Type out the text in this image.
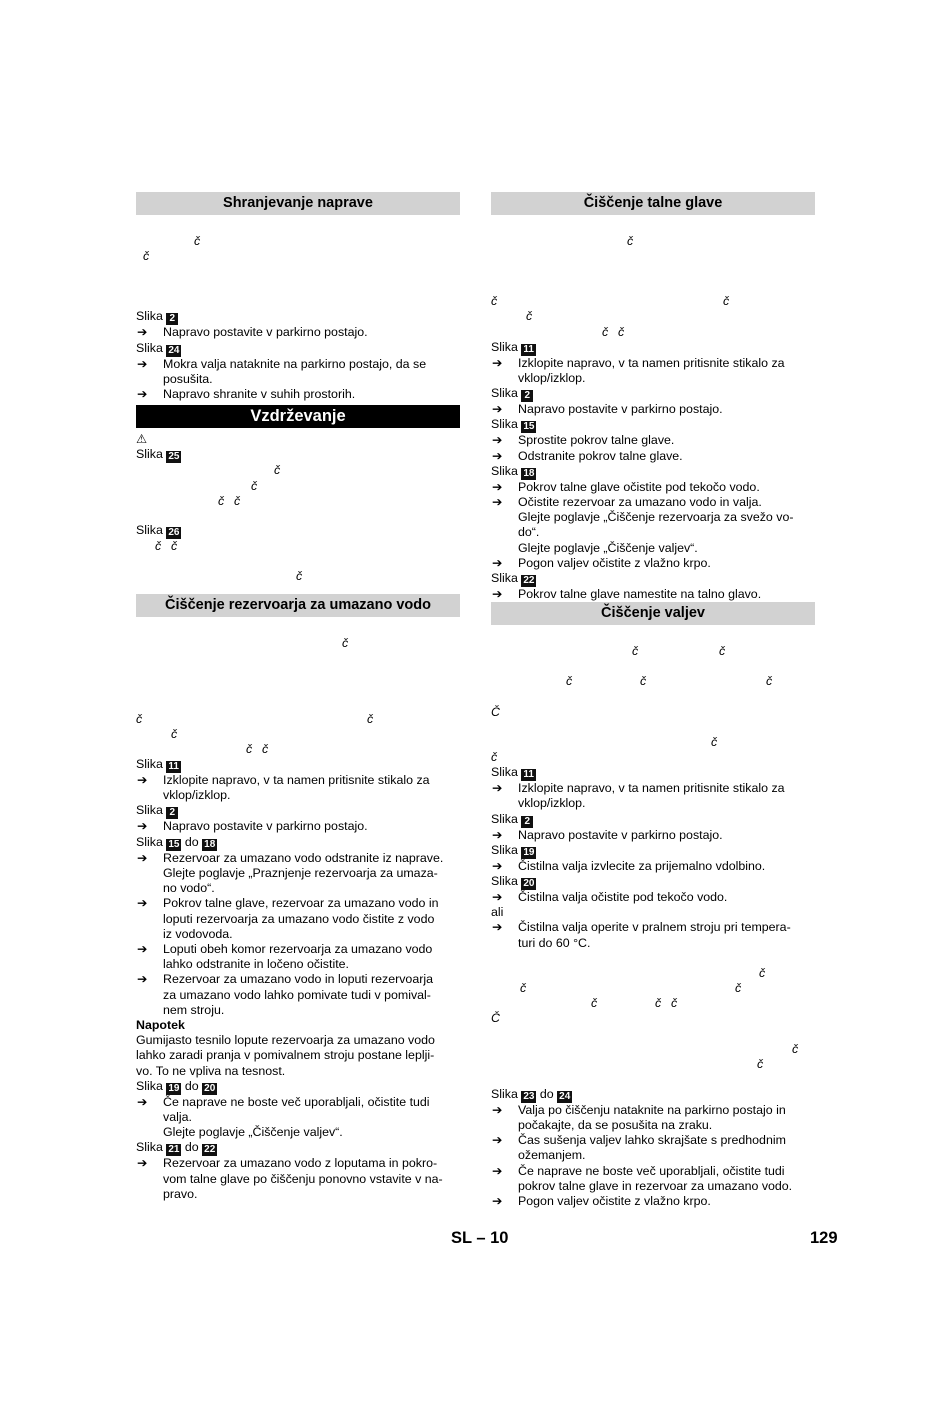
Shranjevanje naprave
č
č
Slika 2
➔ Napravo postavite v parkirno postajo.
Slika 24
➔ Mokra valja nataknite na parkirno postajo, da se
posušita.
➔ Napravo shranite v suhih prostorih.
Vzdrževanje
⚠
Slika 25
č
č
č č
Slika 26
č č
č
Čiščenje rezervoarja za umazano vodo
č
č	č
č
č č
Slika 11
➔ Izklopite napravo, v ta namen pritisnite stikalo za
vklop/izklop.
Slika 2
➔ Napravo postavite v parkirno postajo.
Slika 15 do 18
➔ Rezervoar za umazano vodo odstranite iz naprave.
Glejte poglavje „Praznjenje rezervoarja za umaza-
no vodo“.
➔ Pokrov talne glave, rezervoar za umazano vodo in
loputi rezervoarja za umazano vodo čistite z vodo
iz vodovoda.
➔ Loputi obeh komor rezervoarja za umazano vodo
lahko odstranite in ločeno očistite.
➔ Rezervoar za umazano vodo in loputi rezervoarja
za umazano vodo lahko pomivate tudi v pomival-
nem stroju.
Napotek
Gumijasto tesnilo lopute rezervoarja za umazano vodo
lahko zaradi pranja v pomivalnem stroju postane leplji-
vo. To ne vpliva na tesnost.
Slika 19 do 20
➔ Če naprave ne boste več uporabljali, očistite tudi
valja.
Glejte poglavje „Čiščenje valjev“.
Slika 21 do 22
➔ Rezervoar za umazano vodo z loputama in pokro-
vom talne glave po čiščenju ponovno vstavite v na-
pravo.
Čiščenje talne glave
č
č	č
č
č č
Slika 11
➔ Izklopite napravo, v ta namen pritisnite stikalo za
vklop/izklop.
Slika 2
➔ Napravo postavite v parkirno postajo.
Slika 15
➔ Sprostite pokrov talne glave.
➔ Odstranite pokrov talne glave.
Slika 18
➔ Pokrov talne glave očistite pod tekočo vodo.
➔ Očistite rezervoar za umazano vodo in valja.
Glejte poglavje „Čiščenje rezervoarja za svežo vo-
do“.
Glejte poglavje „Čiščenje valjev“.
➔ Pogon valjev očistite z vlažno krpo.
Slika 22
➔ Pokrov talne glave namestite na talno glavo.
Čiščenje valjev
č	č
č	č	č
Č
č
č
Slika 11
➔ Izklopite napravo, v ta namen pritisnite stikalo za
vklop/izklop.
Slika 2
➔ Napravo postavite v parkirno postajo.
Slika 19
➔ Čistilna valja izvlecite za prijemalno vdolbino.
Slika 20
➔ Čistilna valja očistite pod tekočo vodo.
ali
➔ Čistilna valja operite v pralnem stroju pri tempera-
turi do 60 °C.
č
č	č
č	č č
Č
č
č
Slika 23 do 24
➔ Valja po čiščenju nataknite na parkirno postajo in
počakajte, da se posušita na zraku.
➔ Čas sušenja valjev lahko skrajšate s predhodnim
ožemanjem.
➔ Če naprave ne boste več uporabljali, očistite tudi
pokrov talne glave in rezervoar za umazano vodo.
➔ Pogon valjev očistite z vlažno krpo.
SL – 10	129
